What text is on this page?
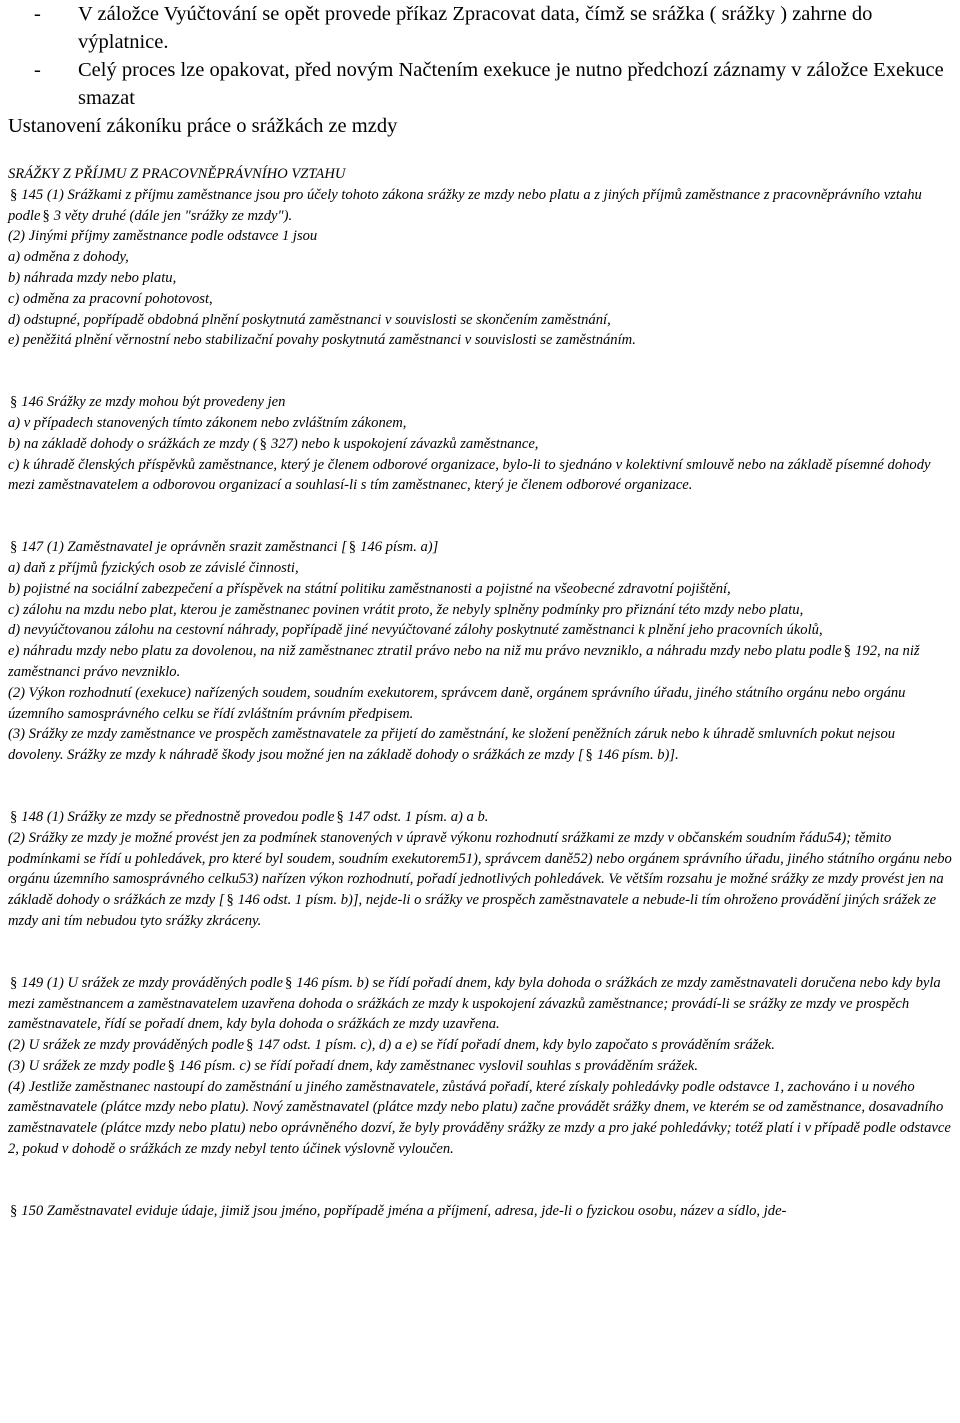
-	V záložce Vyúčtování se opět provede příkaz Zpracovat data, čímž se srážka ( srážky ) zahrne do výplatnice.
-	Celý proces lze opakovat, před novým Načtením exekuce je nutno předchozí záznamy v záložce Exekuce smazat
Ustanovení zákoníku práce o srážkách ze mzdy

SRÁŽKY Z PŘÍJMU Z PRACOVNĚPRÁVNÍHO VZTAHU

§ 145 (1) Srážkami z příjmu zaměstnance jsou pro účely tohoto zákona srážky ze mzdy nebo platu a z jiných příjmů zaměstnance z pracovněprávního vztahu podle § 3 věty druhé (dále jen "srážky ze mzdy").

(2) Jinými příjmy zaměstnance podle odstavce 1 jsou

a) odměna z dohody,

b) náhrada mzdy nebo platu,

c) odměna za pracovní pohotovost,

d) odstupné, popřípadě obdobná plnění poskytnutá zaměstnanci v souvislosti se skončením zaměstnání,

e) peněžitá plnění věrnostní nebo stabilizační povahy poskytnutá zaměstnanci v souvislosti se zaměstnáním.

§ 146 Srážky ze mzdy mohou být provedeny jen

a) v případech stanovených tímto zákonem nebo zvláštním zákonem,

b) na základě dohody o srážkách ze mzdy ( § 327) nebo k uspokojení závazků zaměstnance,

c) k úhradě členských příspěvků zaměstnance, který je členem odborové organizace, bylo-li to sjednáno v kolektivní smlouvě nebo na základě písemné dohody mezi zaměstnavatelem a odborovou organizací a souhlasí-li s tím zaměstnanec, který je členem odborové organizace.

§ 147 (1) Zaměstnavatel je oprávněn srazit zaměstnanci [ § 146 písm. a)]

a) daň z příjmů fyzických osob ze závislé činnosti,

b) pojistné na sociální zabezpečení a příspěvek na státní politiku zaměstnanosti a pojistné na všeobecné zdravotní pojištění,

c) zálohu na mzdu nebo plat, kterou je zaměstnanec povinen vrátit proto, že nebyly splněny podmínky pro přiznání této mzdy nebo platu,

d) nevyúčtovanou zálohu na cestovní náhrady, popřípadě jiné nevyúčtované zálohy poskytnuté zaměstnanci k plnění jeho pracovních úkolů,

e) náhradu mzdy nebo platu za dovolenou, na niž zaměstnanec ztratil právo nebo na niž mu právo nevzniklo, a náhradu mzdy nebo platu podle § 192, na niž zaměstnanci právo nevzniklo.

(2) Výkon rozhodnutí (exekuce) nařízených soudem, soudním exekutorem, správcem daně, orgánem správního úřadu, jiného státního orgánu nebo orgánu územního samosprávného celku se řídí zvláštním právním předpisem.

(3) Srážky ze mzdy zaměstnance ve prospěch zaměstnavatele za přijetí do zaměstnání, ke složení peněžních záruk nebo k úhradě smluvních pokut nejsou dovoleny. Srážky ze mzdy k náhradě škody jsou možné jen na základě dohody o srážkách ze mzdy [ § 146 písm. b)].

§ 148 (1) Srážky ze mzdy se přednostně provedou podle § 147 odst. 1 písm. a) a b.

(2) Srážky ze mzdy je možné provést jen za podmínek stanovených v úpravě výkonu rozhodnutí srážkami ze mzdy v občanském soudním řádu54); těmito podmínkami se řídí u pohledávek, pro které byl soudem, soudním exekutorem51), správcem daně52) nebo orgánem správního úřadu, jiného státního orgánu nebo orgánu územního samosprávného celku53) nařízen výkon rozhodnutí, pořadí jednotlivých pohledávek. Ve větším rozsahu je možné srážky ze mzdy provést jen na základě dohody o srážkách ze mzdy [ § 146 odst. 1 písm. b)], nejde-li o srážky ve prospěch zaměstnavatele a nebude-li tím ohroženo provádění jiných srážek ze mzdy ani tím nebudou tyto srážky zkráceny.

§ 149 (1) U srážek ze mzdy prováděných podle § 146 písm. b) se řídí pořadí dnem, kdy byla dohoda o srážkách ze mzdy zaměstnavateli doručena nebo kdy byla mezi zaměstnancem a zaměstnavatelem uzavřena dohoda o srážkách ze mzdy k uspokojení závazků zaměstnance; provádí-li se srážky ze mzdy ve prospěch zaměstnavatele, řídí se pořadí dnem, kdy byla dohoda o srážkách ze mzdy uzavřena.

(2) U srážek ze mzdy prováděných podle § 147 odst. 1 písm. c), d) a e) se řídí pořadí dnem, kdy bylo započato s prováděním srážek.

(3) U srážek ze mzdy podle § 146 písm. c) se řídí pořadí dnem, kdy zaměstnanec vyslovil souhlas s prováděním srážek.

(4) Jestliže zaměstnanec nastoupí do zaměstnání u jiného zaměstnavatele, zůstává pořadí, které získaly pohledávky podle odstavce 1, zachováno i u nového zaměstnavatele (plátce mzdy nebo platu). Nový zaměstnavatel (plátce mzdy nebo platu) začne provádět srážky dnem, ve kterém se od zaměstnance, dosavadního zaměstnavatele (plátce mzdy nebo platu) nebo oprávněného dozví, že byly prováděny srážky ze mzdy a pro jaké pohledávky; totéž platí i v případě podle odstavce 2, pokud v dohodě o srážkách ze mzdy nebyl tento účinek výslovně vyloučen.

§ 150 Zaměstnavatel eviduje údaje, jimiž jsou jméno, popřípadě jména a příjmení, adresa, jde-li o fyzickou osobu, název a sídlo, jde-
